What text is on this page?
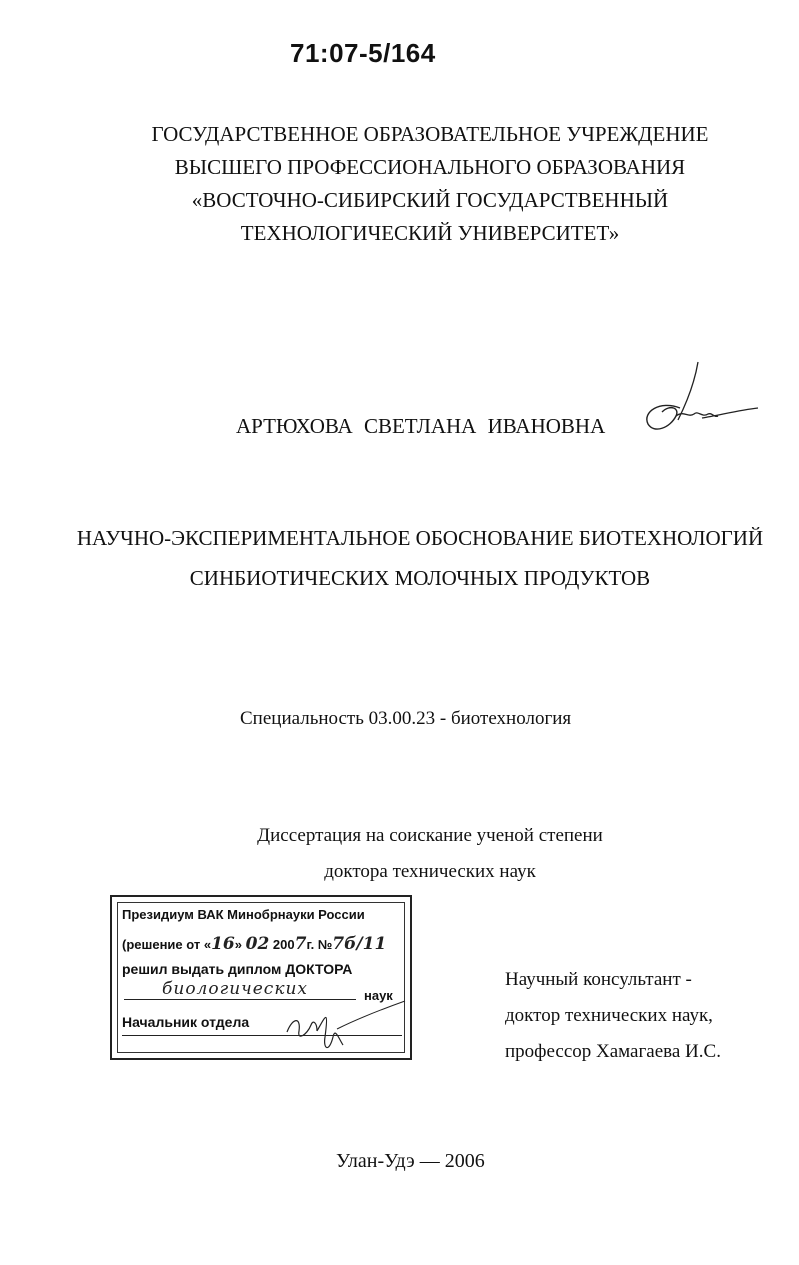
71:07-5/164
ГОСУДАРСТВЕННОЕ ОБРАЗОВАТЕЛЬНОЕ УЧРЕЖДЕНИЕ
ВЫСШЕГО ПРОФЕССИОНАЛЬНОГО ОБРАЗОВАНИЯ
«ВОСТОЧНО-СИБИРСКИЙ ГОСУДАРСТВЕННЫЙ
ТЕХНОЛОГИЧЕСКИЙ УНИВЕРСИТЕТ»
АРТЮХОВА СВЕТЛАНА ИВАНОВНА
НАУЧНО-ЭКСПЕРИМЕНТАЛЬНОЕ ОБОСНОВАНИЕ БИОТЕХНОЛОГИЙ
СИНБИОТИЧЕСКИХ МОЛОЧНЫХ ПРОДУКТОВ
Специальность 03.00.23 - биотехнология
Диссертация на соискание ученой степени
доктора технических наук
Президиум ВАК Минобрнауки России
(решение от «16» 02 2007г. №7б/11
решил выдать диплом ДОКТОРА
биологических	наук
Начальник отдела
Научный консультант -
доктор технических наук,
профессор Хамагаева И.С.
Улан-Удэ — 2006
